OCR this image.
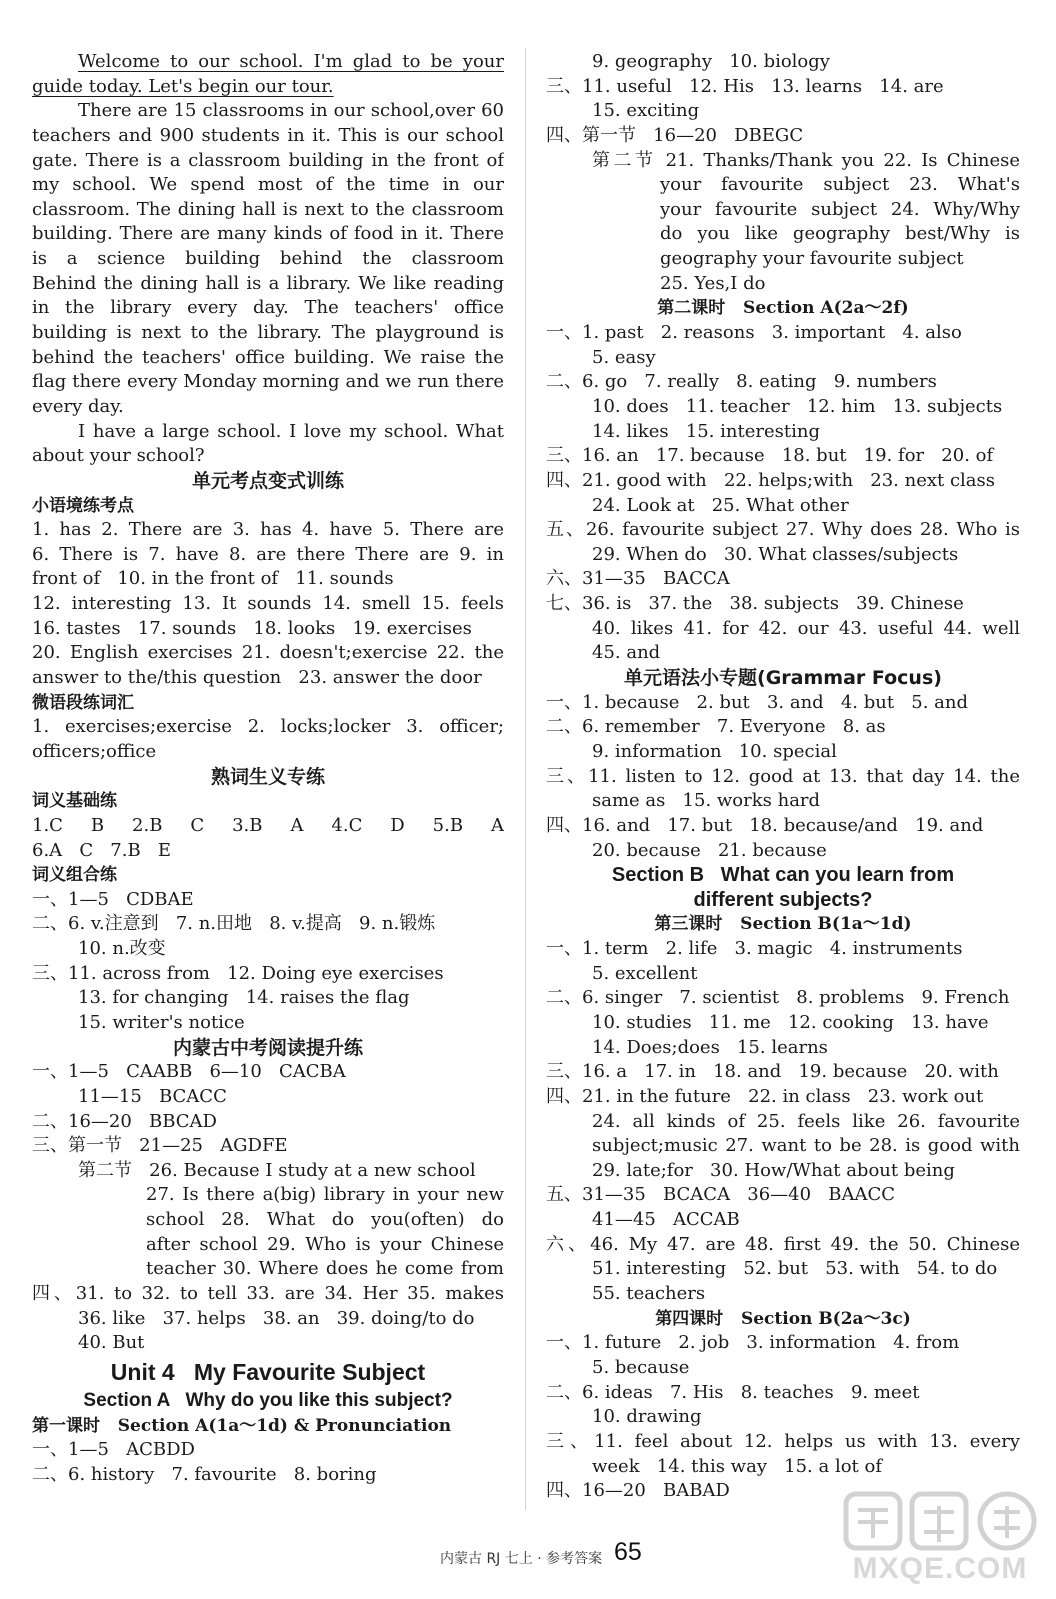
Welcome to our school. I'm glad to be your
guide today. Let's begin our tour.
There are 15 classrooms in our school,over 60
teachers and 900 students in it. This is our school
gate. There is a classroom building in the front of
my school. We spend most of the time in our
classroom. The dining hall is next to the classroom
building. There are many kinds of food in it. There
is a science building behind the classroom
Behind the dining hall is a library. We like reading
in the library every day. The teachers' office
building is next to the library. The playground is
behind the teachers' office building. We raise the
flag there every Monday morning and we run there
every day.
I have a large school. I love my school. What
about your school?
单元考点变式训练
小语境练考点
1. has 2. There are 3. has 4. have 5. There are
6. There is 7. have 8. are there There are 9. in
front of   10. in the front of   11. sounds
12. interesting 13. It sounds 14. smell 15. feels
16. tastes   17. sounds   18. looks   19. exercises
20. English exercises 21. doesn't;exercise 22. the
answer to the/this question   23. answer the door
微语段练词汇
1. exercises;exercise 2. locks;locker 3. officer;
officers;office
熟词生义专练
词义基础练
1.C B 2.B C 3.B A 4.C D 5.B A
6.A   C   7.B   E
词义组合练
一、1—5   CDBAE
二、6. v.注意到   7. n.田地   8. v.提高   9. n.锻炼
10. n.改变
三、11. across from   12. Doing eye exercises
13. for changing   14. raises the flag
15. writer's notice
内蒙古中考阅读提升练
一、1—5   CAABB   6—10   CACBA
11—15   BCACC
二、16—20   BBCAD
三、第一节   21—25   AGDFE
第二节   26. Because I study at a new school
27. Is there a(big) library in your new
school 28. What do you(often) do
after school 29. Who is your Chinese
teacher 30. Where does he come from
四、31. to 32. to tell 33. are 34. Her 35. makes
36. like   37. helps   38. an   39. doing/to do
40. But
Unit 4   My Favourite Subject
Section A   Why do you like this subject?
第一课时   Section A(1a～1d) & Pronunciation
一、1—5   ACBDD
二、6. history   7. favourite   8. boring
9. geography   10. biology
三、11. useful   12. His   13. learns   14. are
15. exciting
四、第一节   16—20   DBEGC
第二节 21. Thanks/Thank you 22. Is Chinese
your favourite subject 23. What's
your favourite subject 24. Why/Why
do you like geography best/Why is
geography your favourite subject
25. Yes,I do
第二课时   Section A(2a～2f)
一、1. past   2. reasons   3. important   4. also
5. easy
二、6. go   7. really   8. eating   9. numbers
10. does   11. teacher   12. him   13. subjects
14. likes   15. interesting
三、16. an   17. because   18. but   19. for   20. of
四、21. good with   22. helps;with   23. next class
24. Look at   25. What other
五、26. favourite subject 27. Why does 28. Who is
29. When do   30. What classes/subjects
六、31—35   BACCA
七、36. is   37. the   38. subjects   39. Chinese
40. likes 41. for 42. our 43. useful 44. well
45. and
单元语法小专题(Grammar Focus)
一、1. because   2. but   3. and   4. but   5. and
二、6. remember   7. Everyone   8. as
9. information   10. special
三、11. listen to 12. good at 13. that day 14. the
same as   15. works hard
四、16. and   17. but   18. because/and   19. and
20. because   21. because
Section B   What can you learn from
different subjects?
第三课时   Section B(1a～1d)
一、1. term   2. life   3. magic   4. instruments
5. excellent
二、6. singer   7. scientist   8. problems   9. French
10. studies   11. me   12. cooking   13. have
14. Does;does   15. learns
三、16. a   17. in   18. and   19. because   20. with
四、21. in the future   22. in class   23. work out
24. all kinds of 25. feels like 26. favourite
subject;music 27. want to be 28. is good with
29. late;for   30. How/What about being
五、31—35   BCACA   36—40   BAACC
41—45   ACCAB
六、46. My 47. are 48. first 49. the 50. Chinese
51. interesting   52. but   53. with   54. to do
55. teachers
第四课时   Section B(2a～3c)
一、1. future   2. job   3. information   4. from
5. because
二、6. ideas   7. His   8. teaches   9. meet
10. drawing
三、11. feel about 12. helps us with 13. every
week   14. this way   15. a lot of
四、16—20   BABAD
内蒙古 RJ 七上 · 参考答案 65	MXQE.COM
